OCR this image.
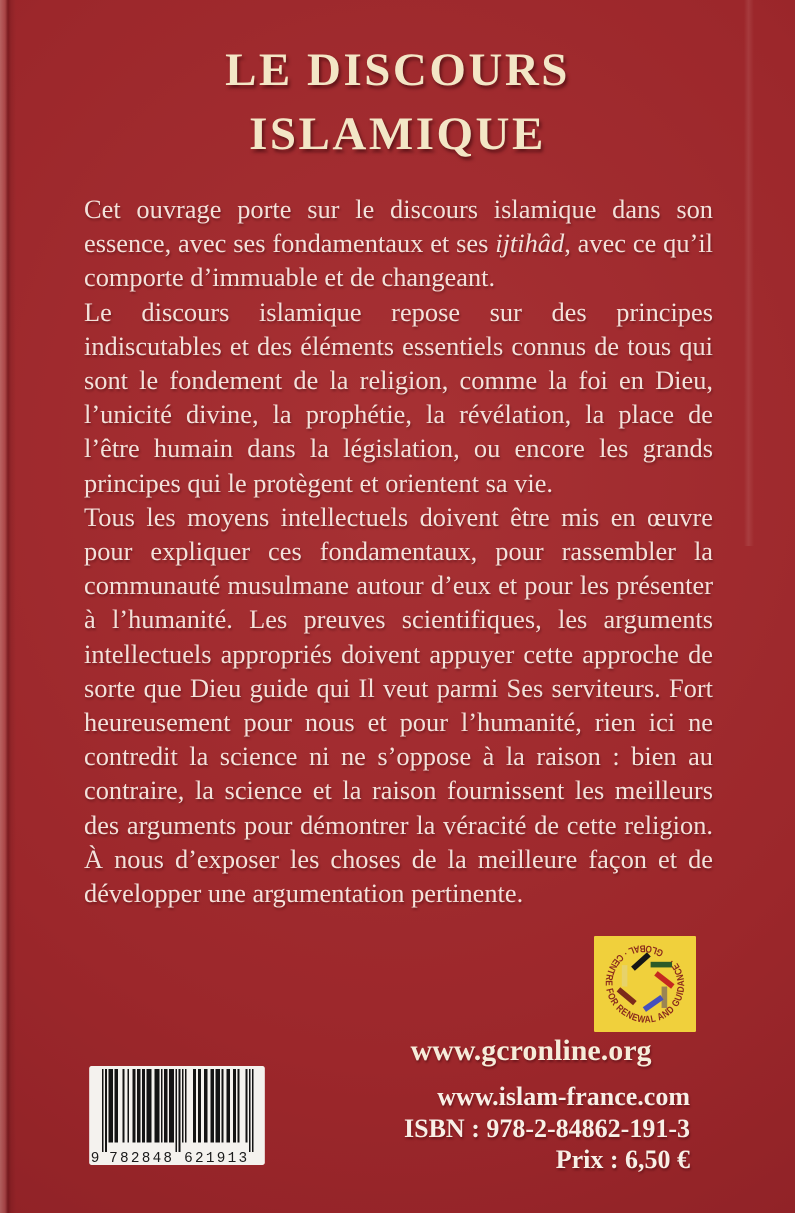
LE DISCOURS
ISLAMIQUE

Cet ouvrage porte sur le discours islamique dans son essence, avec ses fondamentaux et ses ijtihâd, avec ce qu’il comporte d’immuable et de changeant.

Le discours islamique repose sur des principes indiscutables et des éléments essentiels connus de tous qui sont le fondement de la religion, comme la foi en Dieu, l’unicité divine, la prophétie, la révélation, la place de l’être humain dans la législation, ou encore les grands principes qui le protègent et orientent sa vie.

Tous les moyens intellectuels doivent être mis en œuvre pour expliquer ces fondamentaux, pour rassembler la communauté musulmane autour d’eux et pour les présenter à l’humanité. Les preuves scientifiques, les arguments intellectuels appropriés doivent appuyer cette approche de sorte que Dieu guide qui Il veut parmi Ses serviteurs. Fort heureusement pour nous et pour l’humanité, rien ici ne contredit la science ni ne s’oppose à la raison : bien au contraire, la science et la raison fournissent les meilleurs des arguments pour démontrer la véracité de cette religion. À nous d’exposer les choses de la meilleure façon et de développer une argumentation pertinente.

GLOBAL · CENTRE FOR RENEWAL AND GUIDANCE ·
www.gcronline.org
www.islam-france.com
ISBN : 978-2-84862-191-3
Prix : 6,50 €
9 7 8 2 8 4 8 6 2 1 9 1 3
